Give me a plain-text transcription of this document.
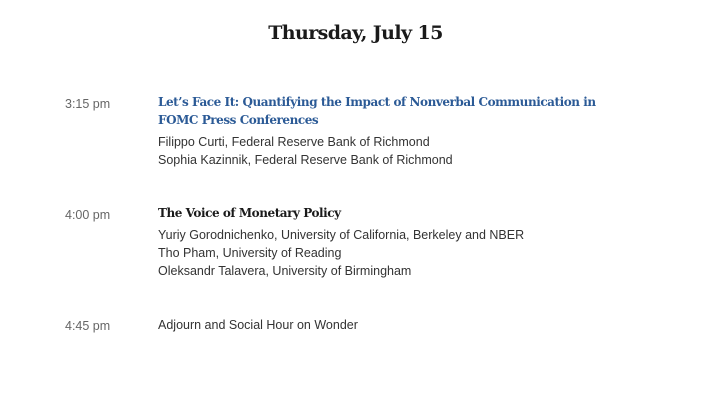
Thursday, July 15
3:15 pm	Let’s Face It: Quantifying the Impact of Nonverbal Communication in FOMC Press Conferences

Filippo Curti, Federal Reserve Bank of Richmond

Sophia Kazinnik, Federal Reserve Bank of Richmond

4:00 pm	The Voice of Monetary Policy

Yuriy Gorodnichenko, University of California, Berkeley and NBER

Tho Pham, University of Reading

Oleksandr Talavera, University of Birmingham

4:45 pm	Adjourn and Social Hour on Wonder
